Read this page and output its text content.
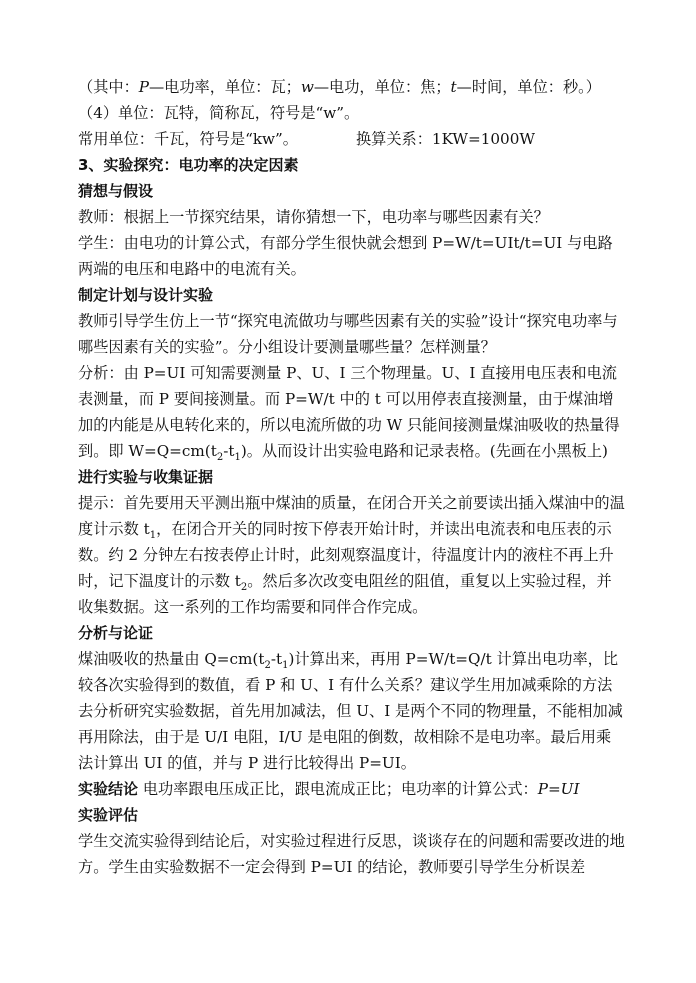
（其中：P—电功率，单位：瓦；w—电功，单位：焦；t—时间，单位：秒。）

（4）单位：瓦特，简称瓦，符号是“w”。

常用单位：千瓦，符号是“kw”。	换算关系：1KW=1000W

3、实验探究：电功率的决定因素

猜想与假设

教师：根据上一节探究结果，请你猜想一下，电功率与哪些因素有关？

学生：由电功的计算公式，有部分学生很快就会想到 P=W/t=UIt/t=UI 与电路两端的电压和电路中的电流有关。

制定计划与设计实验

教师引导学生仿上一节“探究电流做功与哪些因素有关的实验”设计“探究电功率与哪些因素有关的实验”。分小组设计要测量哪些量？怎样测量？

分析：由 P=UI 可知需要测量 P、U、I 三个物理量。U、I 直接用电压表和电流表测量，而 P 要间接测量。而 P=W/t 中的 t 可以用停表直接测量，由于煤油增加的内能是从电转化来的，所以电流所做的功 W 只能间接测量煤油吸收的热量得到。即 $W=Q=cm(t_2-t_1)$。从而设计出实验电路和记录表格。(先画在小黑板上)

进行实验与收集证据

提示：首先要用天平测出瓶中煤油的质量，在闭合开关之前要读出插入煤油中的温度计示数 $t_1$，在闭合开关的同时按下停表开始计时，并读出电流表和电压表的示数。约 2 分钟左右按表停止计时，此刻观察温度计，待温度计内的液柱不再上升时，记下温度计的示数 $t_2$。然后多次改变电阻丝的阻值，重复以上实验过程，并收集数据。这一系列的工作均需要和同伴合作完成。

分析与论证

煤油吸收的热量由 $Q=cm(t_2-t_1)$计算出来，再用 P=W/t=Q/t 计算出电功率，比较各次实验得到的数值，看 P 和 U、I 有什么关系？建议学生用加减乘除的方法去分析研究实验数据，首先用加减法，但 U、I 是两个不同的物理量，不能相加减再用除法，由于是 U/I 电阻，I/U 是电阻的倒数，故相除不是电功率。最后用乘法计算出 UI 的值，并与 P 进行比较得出 P=UI。

实验结论 电功率跟电压成正比，跟电流成正比；电功率的计算公式：P=UI

实验评估

学生交流实验得到结论后，对实验过程进行反思，谈谈存在的问题和需要改进的地方。学生由实验数据不一定会得到 P=UI 的结论，教师要引导学生分析误差
